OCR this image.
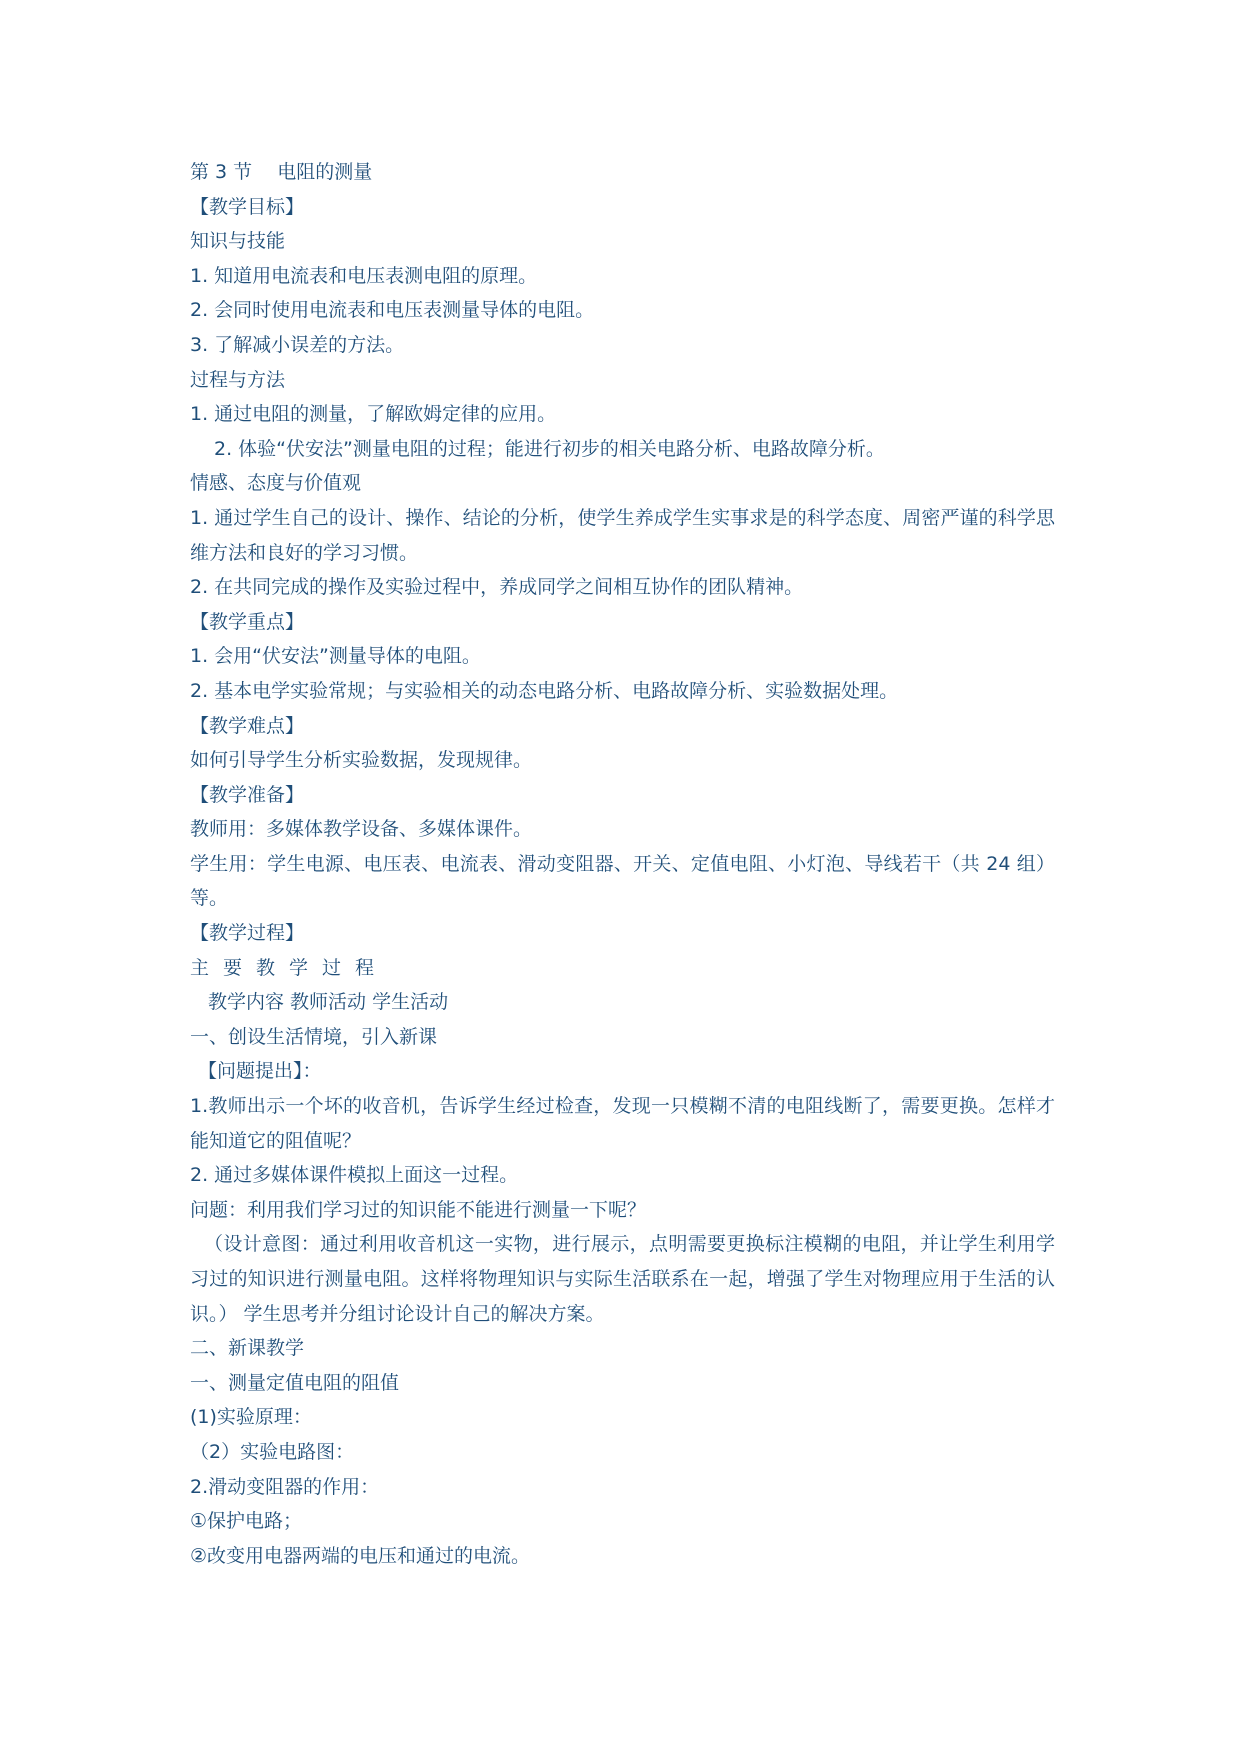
第 3 节　 电阻的测量

【教学目标】

知识与技能

1. 知道用电流表和电压表测电阻的原理。

2. 会同时使用电流表和电压表测量导体的电阻。

3. 了解减小误差的方法。

过程与方法

1. 通过电阻的测量，了解欧姆定律的应用。

2. 体验“伏安法”测量电阻的过程；能进行初步的相关电路分析、电路故障分析。

情感、态度与价值观

1. 通过学生自己的设计、操作、结论的分析，使学生养成学生实事求是的科学态度、周密严谨的科学思维方法和良好的学习习惯。

2. 在共同完成的操作及实验过程中，养成同学之间相互协作的团队精神。

【教学重点】

1. 会用“伏安法”测量导体的电阻。

2. 基本电学实验常规；与实验相关的动态电路分析、电路故障分析、实验数据处理。

【教学难点】

如何引导学生分析实验数据，发现规律。

【教学准备】

教师用：多媒体教学设备、多媒体课件。

学生用：学生电源、电压表、电流表、滑动变阻器、开关、定值电阻、小灯泡、导线若干（共 24 组）等。

【教学过程】

主要教学过程

教学内容 教师活动 学生活动

一、创设生活情境，引入新课

【问题提出】：

1.教师出示一个坏的收音机，告诉学生经过检查，发现一只模糊不清的电阻线断了，需要更换。怎样才能知道它的阻值呢？

2. 通过多媒体课件模拟上面这一过程。

问题：利用我们学习过的知识能不能进行测量一下呢？

（设计意图：通过利用收音机这一实物，进行展示，点明需要更换标注模糊的电阻，并让学生利用学习过的知识进行测量电阻。这样将物理知识与实际生活联系在一起，增强了学生对物理应用于生活的认识。） 学生思考并分组讨论设计自己的解决方案。

二、新课教学

一、测量定值电阻的阻值

(1)实验原理：

（2）实验电路图：

2.滑动变阻器的作用：

①保护电路；

②改变用电器两端的电压和通过的电流。
